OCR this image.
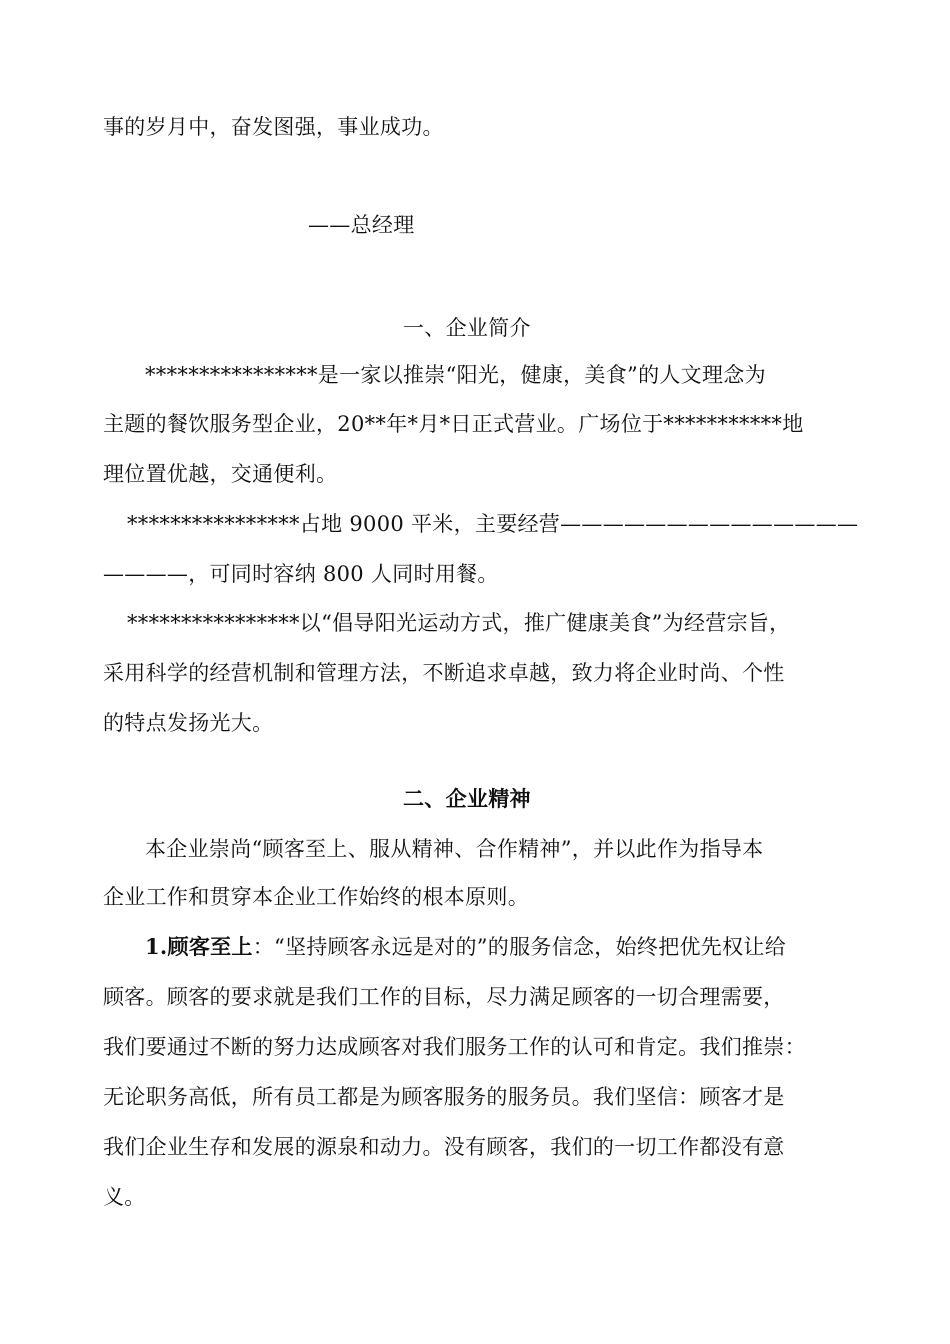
事的岁月中，奋发图强，事业成功。
——总经理
一、企业简介
****************是一家以推崇“阳光，健康，美食”的人文理念为
主题的餐饮服务型企业，20**年*月*日正式营业。广场位于***********地
理位置优越，交通便利。
****************占地 9000 平米，主要经营——————————————
————，可同时容纳 800 人同时用餐。
****************以“倡导阳光运动方式，推广健康美食”为经营宗旨，
采用科学的经营机制和管理方法，不断追求卓越，致力将企业时尚、个性
的特点发扬光大。
二、企业精神
本企业崇尚“顾客至上、服从精神、合作精神”，并以此作为指导本
企业工作和贯穿本企业工作始终的根本原则。
1.顾客至上：“坚持顾客永远是对的”的服务信念，始终把优先权让给
顾客。顾客的要求就是我们工作的目标，尽力满足顾客的一切合理需要，
我们要通过不断的努力达成顾客对我们服务工作的认可和肯定。我们推崇：
无论职务高低，所有员工都是为顾客服务的服务员。我们坚信：顾客才是
我们企业生存和发展的源泉和动力。没有顾客，我们的一切工作都没有意
义。
